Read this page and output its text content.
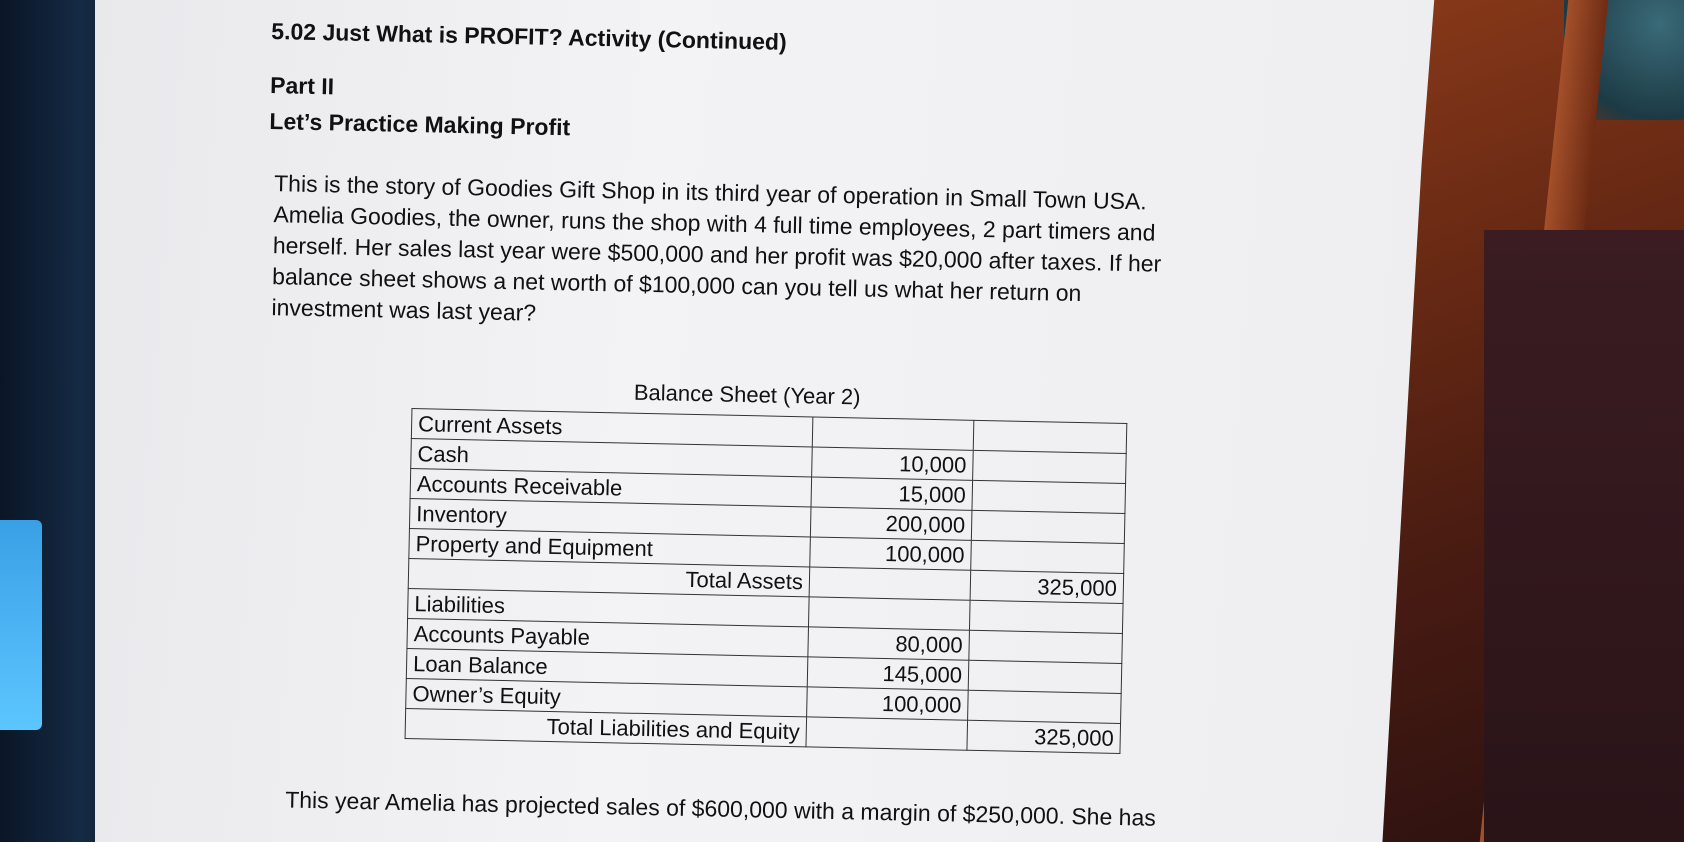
5.02 Just What is PROFIT? Activity (Continued)
Part II
Let’s Practice Making Profit
This is the story of Goodies Gift Shop in its third year of operation in Small Town USA.
Amelia Goodies, the owner, runs the shop with 4 full time employees, 2 part timers and
herself. Her sales last year were $500,000 and her profit was $20,000 after taxes. If her
balance sheet shows a net worth of $100,000 can you tell us what her return on
investment was last year?
Balance Sheet (Year 2)
Current Assets		
Cash	10,000	
Accounts Receivable	15,000	
Inventory	200,000	
Property and Equipment	100,000	
Total Assets		325,000
Liabilities		
Accounts Payable	80,000	
Loan Balance	145,000	
Owner’s Equity	100,000	
Total Liabilities and Equity		325,000
This year Amelia has projected sales of $600,000 with a margin of $250,000. She has
